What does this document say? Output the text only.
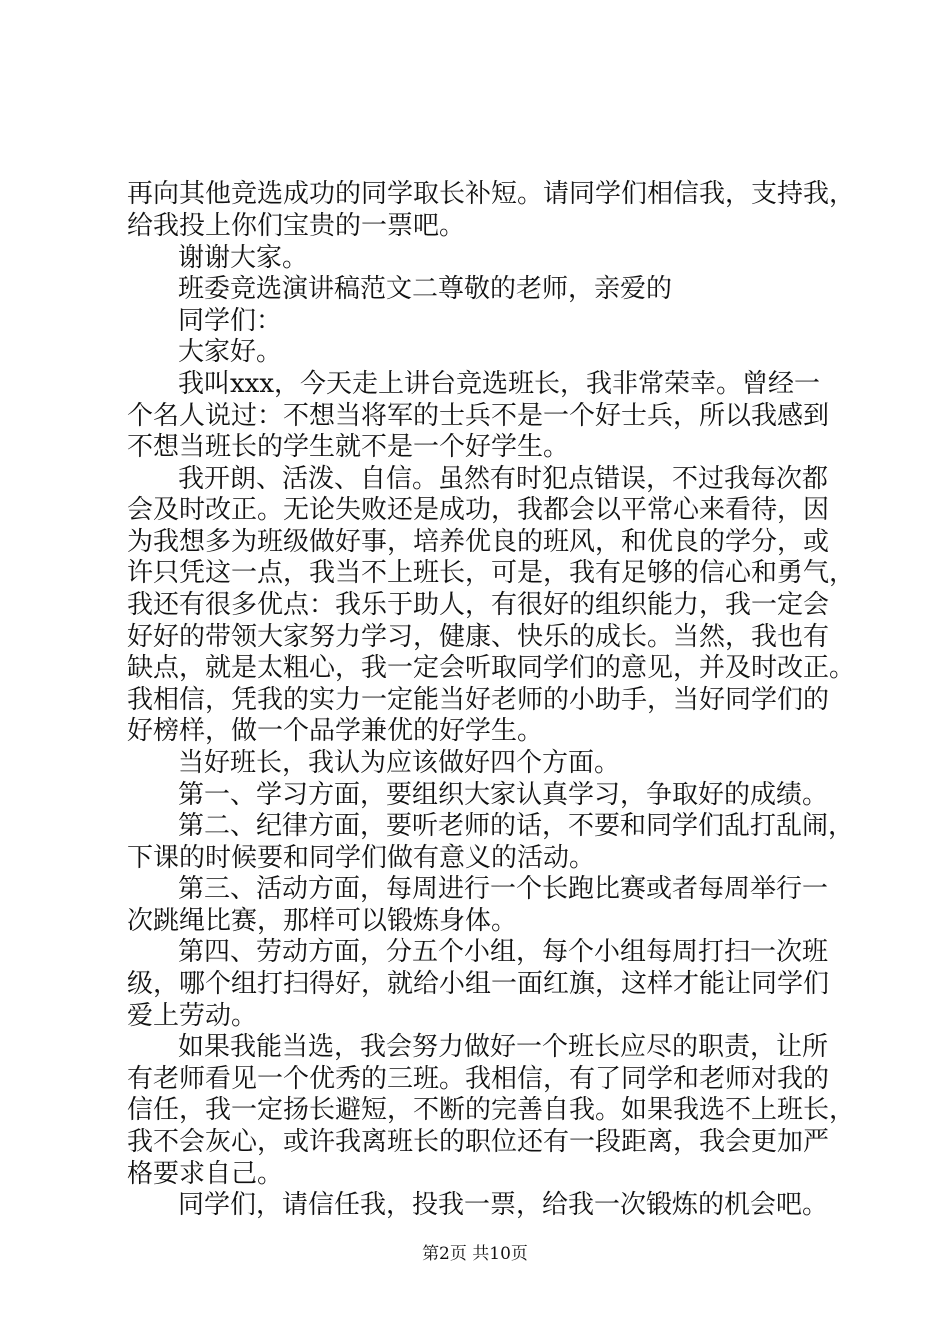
再向其他竞选成功的同学取长补短。请同学们相信我，支持我，
给我投上你们宝贵的一票吧。
谢谢大家。
班委竞选演讲稿范文二尊敬的老师，亲爱的
同学们：
大家好。
我叫xxx，今天走上讲台竞选班长，我非常荣幸。曾经一
个名人说过：不想当将军的士兵不是一个好士兵，所以我感到
不想当班长的学生就不是一个好学生。
我开朗、活泼、自信。虽然有时犯点错误，不过我每次都
会及时改正。无论失败还是成功，我都会以平常心来看待，因
为我想多为班级做好事，培养优良的班风，和优良的学分，或
许只凭这一点，我当不上班长，可是，我有足够的信心和勇气，
我还有很多优点：我乐于助人，有很好的组织能力，我一定会
好好的带领大家努力学习，健康、快乐的成长。当然，我也有
缺点，就是太粗心，我一定会听取同学们的意见，并及时改正。
我相信，凭我的实力一定能当好老师的小助手，当好同学们的
好榜样，做一个品学兼优的好学生。
当好班长，我认为应该做好四个方面。
第一、学习方面，要组织大家认真学习，争取好的成绩。
第二、纪律方面，要听老师的话，不要和同学们乱打乱闹，
下课的时候要和同学们做有意义的活动。
第三、活动方面，每周进行一个长跑比赛或者每周举行一
次跳绳比赛，那样可以锻炼身体。
第四、劳动方面，分五个小组，每个小组每周打扫一次班
级，哪个组打扫得好，就给小组一面红旗，这样才能让同学们
爱上劳动。
如果我能当选，我会努力做好一个班长应尽的职责，让所
有老师看见一个优秀的三班。我相信，有了同学和老师对我的
信任，我一定扬长避短，不断的完善自我。如果我选不上班长，
我不会灰心，或许我离班长的职位还有一段距离，我会更加严
格要求自己。
同学们，请信任我，投我一票，给我一次锻炼的机会吧。
第2页 共10页
